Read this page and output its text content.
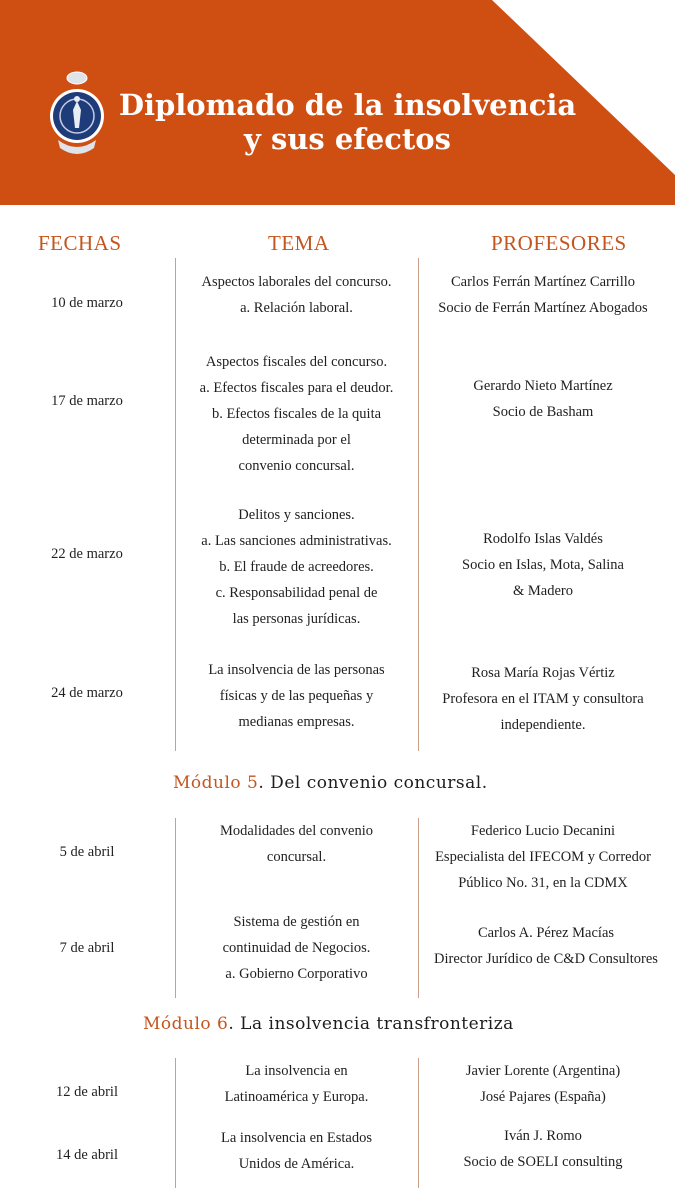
Diplomado de la insolvencia
y sus efectos
FECHAS	TEMA	PROFESORES
10 de marzo
Aspectos laborales del concurso.
a. Relación laboral.
Carlos Ferrán Martínez Carrillo
Socio de Ferrán Martínez Abogados
17 de marzo
Aspectos fiscales del concurso.
a. Efectos fiscales para el deudor.
b. Efectos fiscales de la quita
determinada por el
convenio concursal.
Gerardo Nieto Martínez
Socio de Basham
22 de marzo
Delitos y sanciones.
a. Las sanciones administrativas.
b. El fraude de acreedores.
c. Responsabilidad penal de
las personas jurídicas.
Rodolfo Islas Valdés
Socio en Islas, Mota, Salina
& Madero
24 de marzo
La insolvencia de las personas
físicas y de las pequeñas y
medianas empresas.
Rosa María Rojas Vértiz
Profesora en el ITAM y consultora
independiente.
Módulo 5. Del convenio concursal.
5 de abril
Modalidades del convenio
concursal.
Federico Lucio Decanini
Especialista del IFECOM y Corredor
Público No. 31, en la CDMX
7 de abril
Sistema de gestión en
continuidad de Negocios.
a. Gobierno Corporativo
Carlos A. Pérez Macías
Director Jurídico de C&D Consultores
Módulo 6. La insolvencia transfronteriza
12 de abril
La insolvencia en
Latinoamérica y Europa.
Javier Lorente (Argentina)
José Pajares (España)
14 de abril
La insolvencia en Estados
Unidos de América.
Iván J. Romo
Socio de SOELI consulting
